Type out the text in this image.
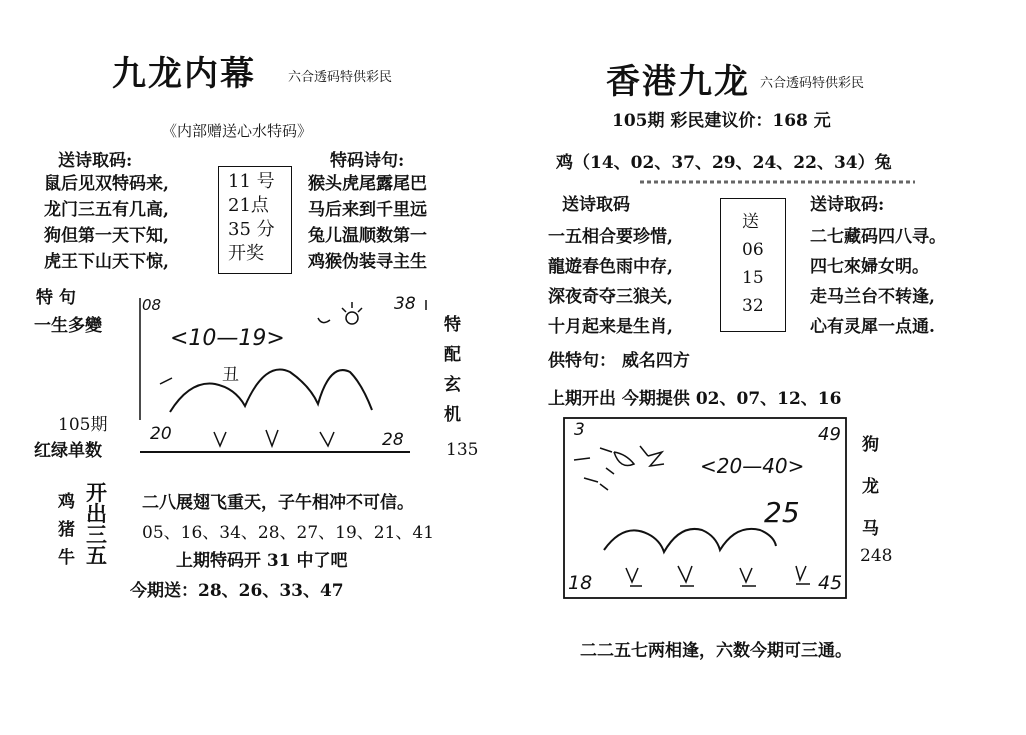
九龙内幕 六合透码特供彩民
《内部赠送心水特码》
送诗取码:
鼠后见双特码来,
龙门三五有几高,
狗但第一天下知,
虎王下山天下惊,
11 号
21点
35 分
开奖
特码诗句:
猴头虎尾露尾巴
马后来到千里远
兔儿温顺数第一
鸡猴伪装寻主生
特 句
一生多變
08	38
<10—19>
丑
20	28
特
配
玄
机
105期
红绿单数	135
鸡
猪
牛
开
出
三
五
二八展翅飞重天，子午相冲不可信。
05、16、34、28、27、19、21、41
上期特码开 31 中了吧
今期送：28、26、33、47
香港九龙 六合透码特供彩民
105期 彩民建议价：168 元
鸡（14、02、37、29、24、22、34）兔
送诗取码
一五相合要珍惜,
龍遊春色雨中存,
深夜奇夺三狼关,
十月起来是生肖,
送
06
15
32
送诗取码:
二七藏码四八寻。
四七來婦女明。
走马兰台不转逢,
心有灵犀一点通.
供特句： 威名四方
上期开出 今期提供 02、07、12、16
3	49
<20—40>
25
18	45
狗
龙
马
248
二二五七两相逢，六数今期可三通。
